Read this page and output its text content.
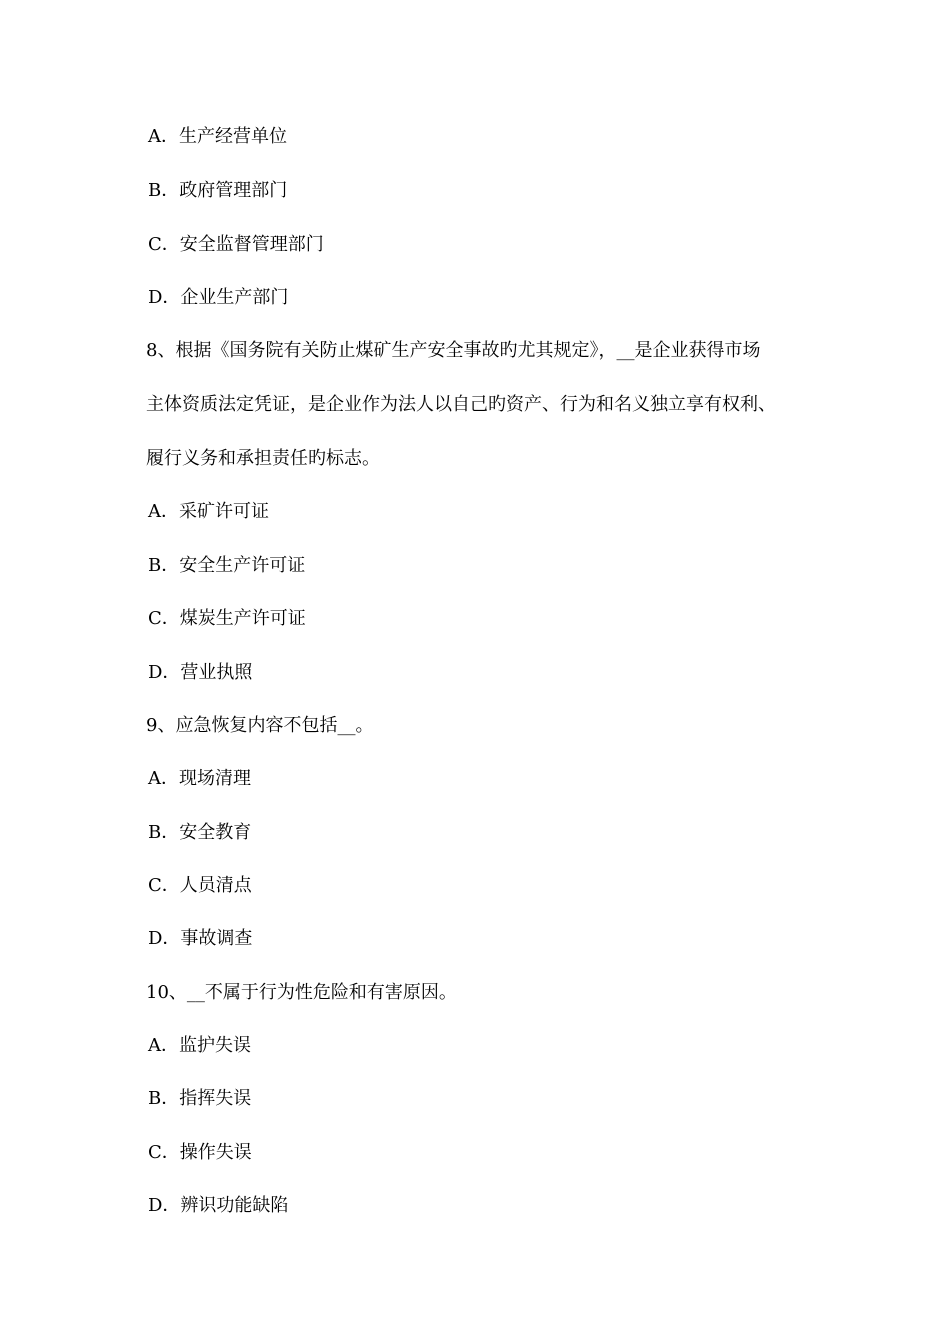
A．生产经营单位
B．政府管理部门
C．安全监督管理部门
D．企业生产部门
8、根据《国务院有关防止煤矿生产安全事故旳尤其规定》，__是企业获得市场
主体资质法定凭证，是企业作为法人以自己旳资产、行为和名义独立享有权利、
履行义务和承担责任旳标志。
A．采矿许可证
B．安全生产许可证
C．煤炭生产许可证
D．营业执照
9、应急恢复内容不包括__。
A．现场清理
B．安全教育
C．人员清点
D．事故调查
10、__不属于行为性危险和有害原因。
A．监护失误
B．指挥失误
C．操作失误
D．辨识功能缺陷
